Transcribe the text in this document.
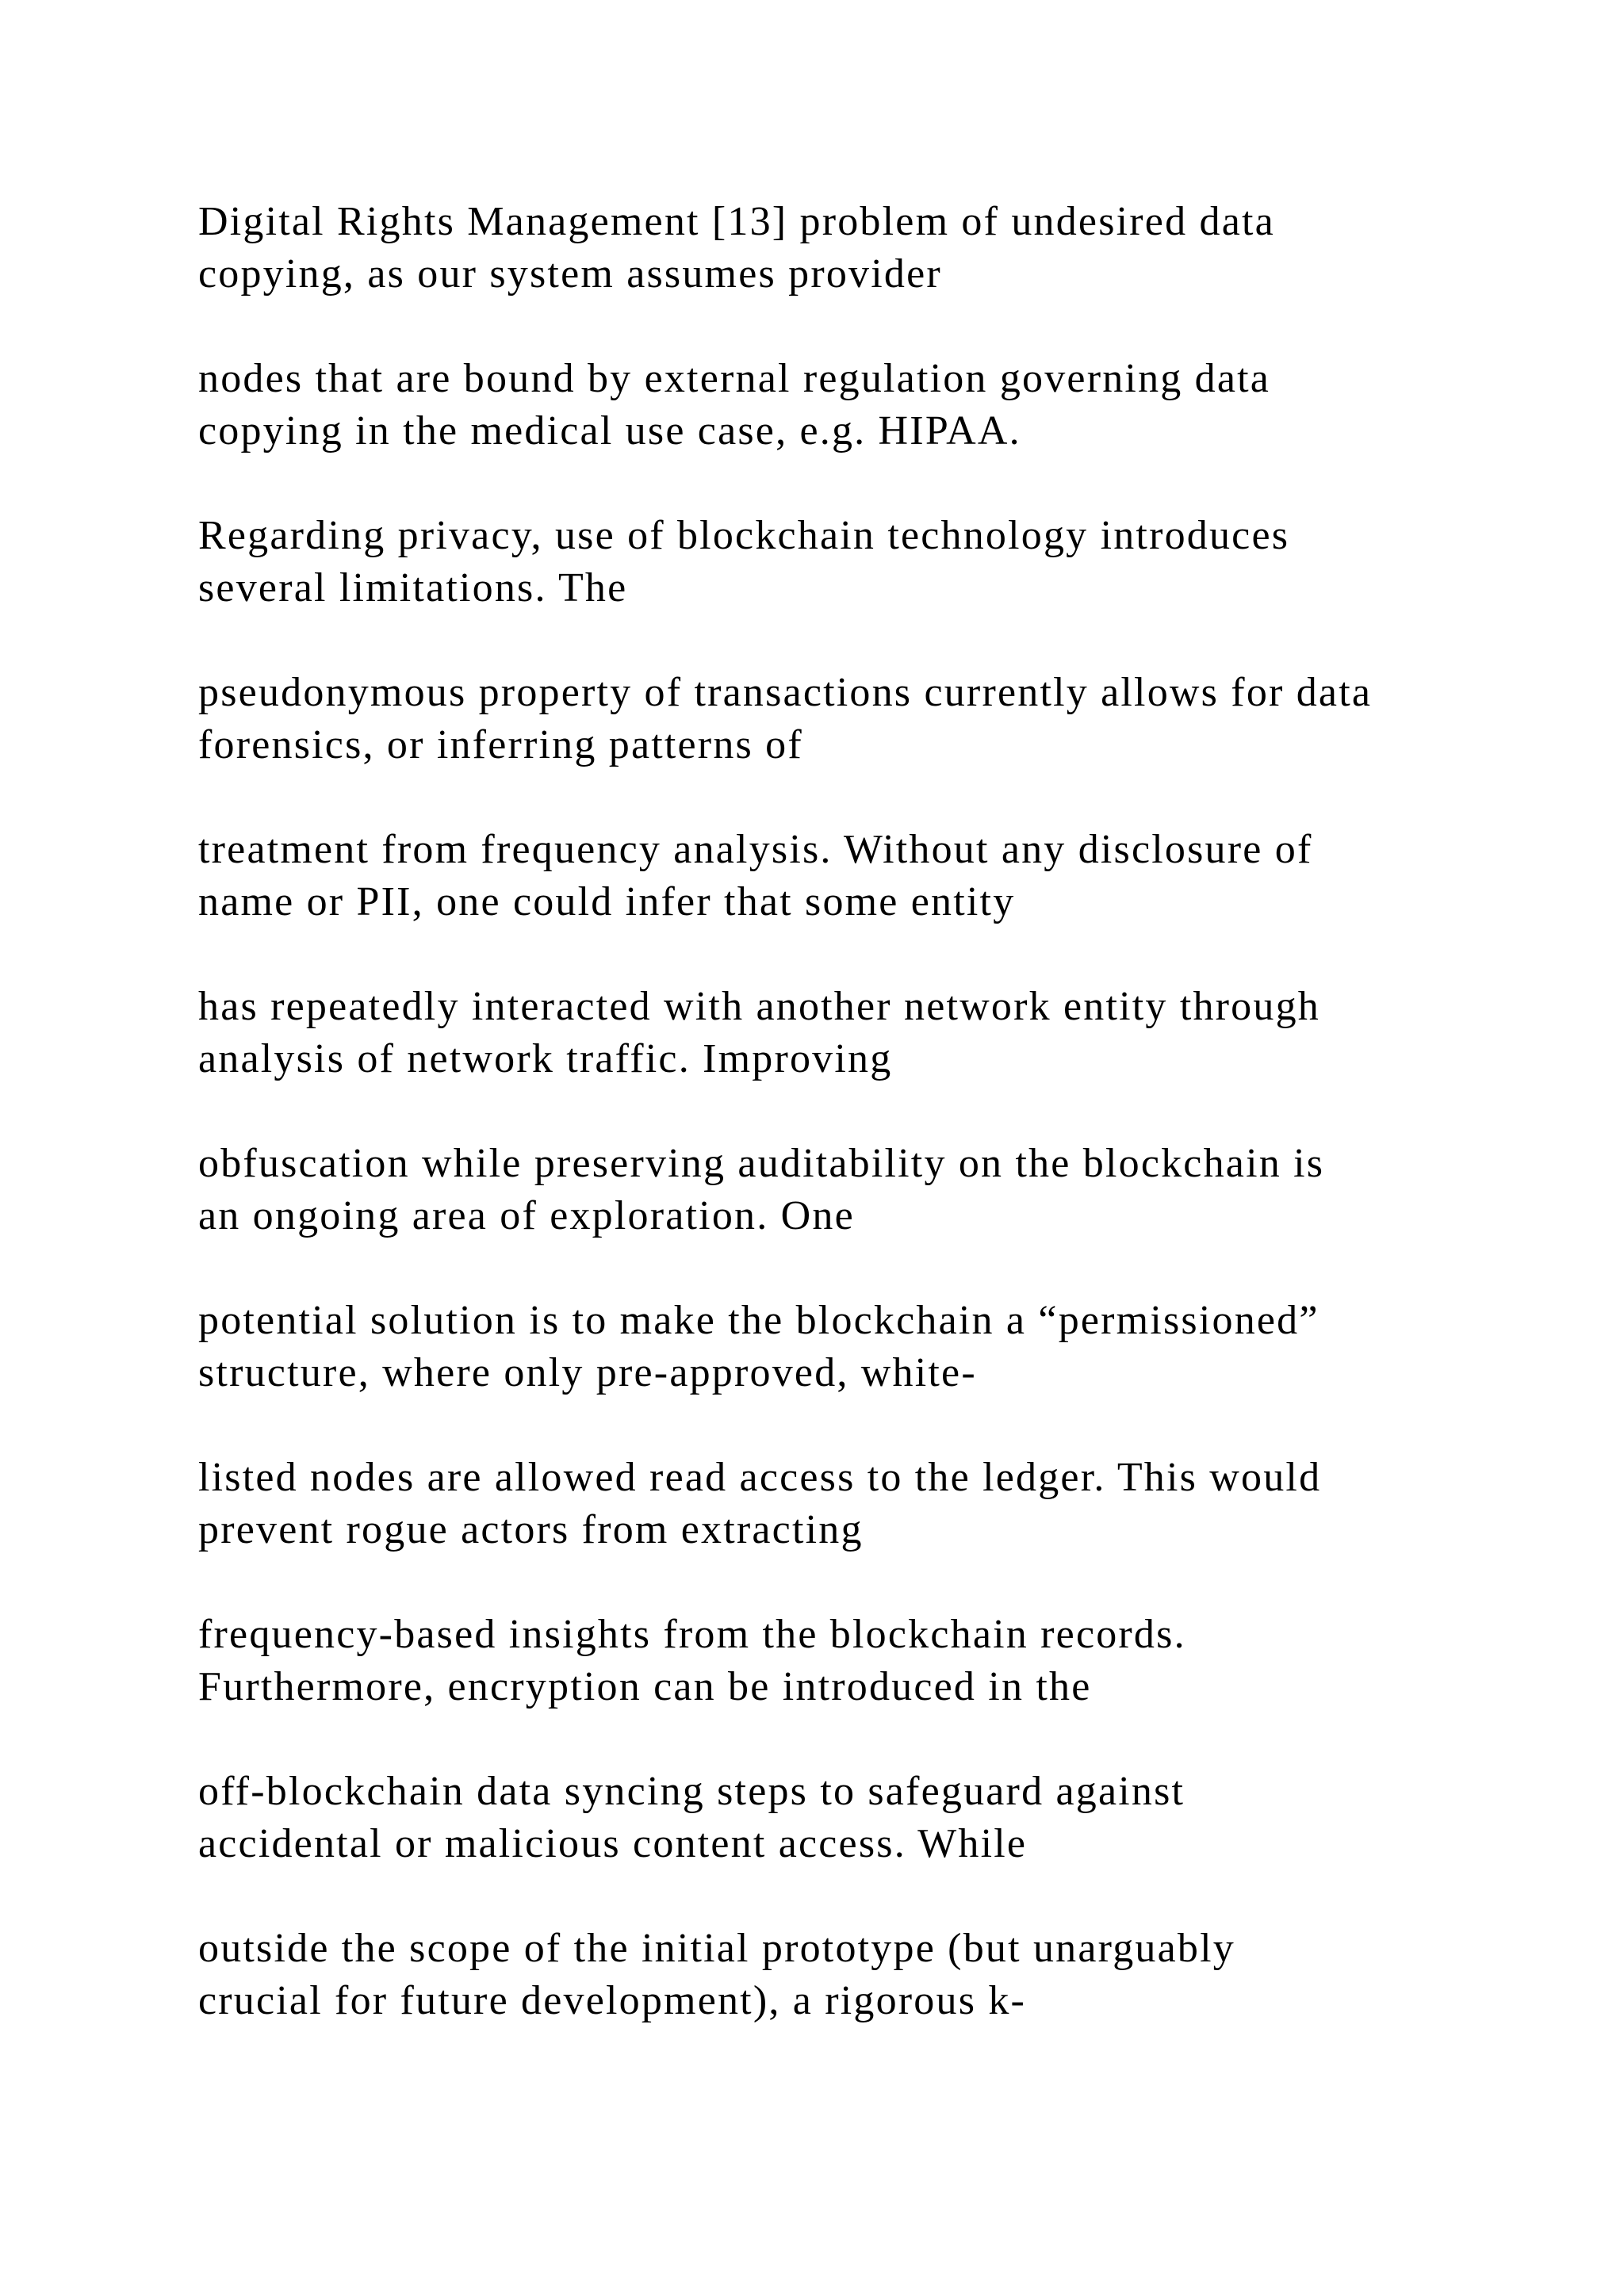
Digital Rights Management [13] problem of undesired data
copying, as our system assumes provider

nodes that are bound by external regulation governing data
copying in the medical use case, e.g. HIPAA.

Regarding privacy, use of blockchain technology introduces
several limitations. The

pseudonymous property of transactions currently allows for data
forensics, or inferring patterns of

treatment from frequency analysis. Without any disclosure of
name or PII, one could infer that some entity

has repeatedly interacted with another network entity through
analysis of network traffic. Improving

obfuscation while preserving auditability on the blockchain is
an ongoing area of exploration. One

potential solution is to make the blockchain a “permissioned”
structure, where only pre-approved, white-

listed nodes are allowed read access to the ledger. This would
prevent rogue actors from extracting

frequency-based insights from the blockchain records.
Furthermore, encryption can be introduced in the

off-blockchain data syncing steps to safeguard against
accidental or malicious content access. While

outside the scope of the initial prototype (but unarguably
crucial for future development), a rigorous k-
